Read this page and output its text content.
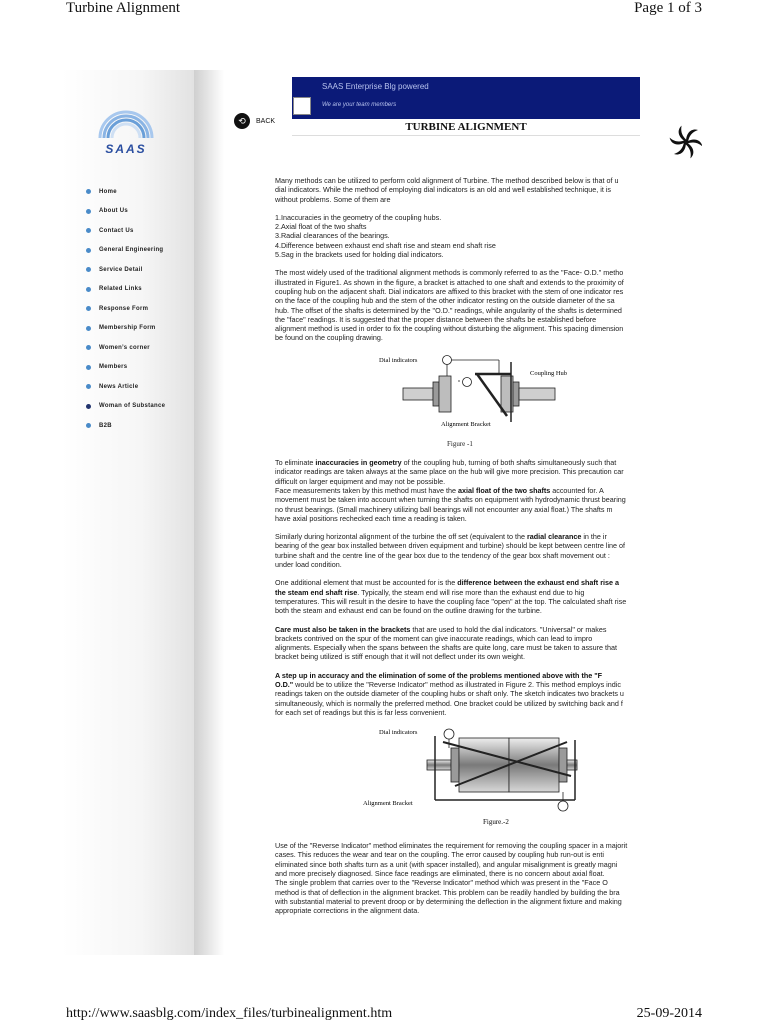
Turbine Alignment	Page 1 of 3
SAAS
Home
About Us
Contact Us
General Engineering
Service Detail
Related Links
Response Form
Membership Form
Women’s corner
Members
News Article
Woman of Substance
B2B
SAAS Enterprise Blg powered
We are your team members
⟲	BACK	TURBINE ALIGNMENT

Many methods can be utilized to perform cold alignment of Turbine. The method described below is that of u
dial indicators. While the method of employing dial indicators is an old and well established technique, it is
without problems. Some of them are

1.Inaccuracies in the geometry of the coupling hubs.
2.Axial float of the two shafts
3.Radial clearances of the bearings.
4.Difference between exhaust end shaft rise and steam end shaft rise
5.Sag in the brackets used for holding dial indicators.

The most widely used of the traditional alignment methods is commonly referred to as the "Face- O.D." metho
illustrated in Figure1. As shown in the figure, a bracket is attached to one shaft and extends to the proximity of
coupling hub on the adjacent shaft. Dial indicators are affixed to this bracket with the stem of one indicator res
on the face of the coupling hub and the stem of the other indicator resting on the outside diameter of the sa
hub. The offset of the shafts is determined by the "O.D." readings, while angularity of the shafts is determined
the "face" readings. It is suggested that the proper distance between the shafts be established before
alignment method is used in order to fix the coupling without disturbing the alignment. This spacing dimension
be found on the coupling drawing.

Dial indicators
Coupling Hub
Alignment Bracket

Figure -1

To eliminate inaccuracies in geometry of the coupling hub, turning of both shafts simultaneously such that
indicator readings are taken always at the same place on the hub will give more precision. This precaution car
difficult on larger equipment and may not be possible.
Face measurements taken by this method must have the axial float of the two shafts accounted for. A
movement must be taken into account when turning the shafts on equipment with hydrodynamic thrust bearing
no thrust bearings. (Small machinery utilizing ball bearings will not encounter any axial float.) The shafts m
have axial positions rechecked each time a reading is taken.

Similarly during horizontal alignment of the turbine the off set (equivalent to the radial clearance in the ir
bearing of the gear box installed between driven equipment and turbine) should be kept between centre line of
turbine shaft and the centre line of the gear box due to the tendency of the gear box shaft movement out :
under load condition.

One additional element that must be accounted for is the difference between the exhaust end shaft rise a
the steam end shaft rise. Typically, the steam end will rise more than the exhaust end due to hig
temperatures. This will result in the desire to have the coupling face "open" at the top. The calculated shaft rise
both the steam and exhaust end can be found on the outline drawing for the turbine.

Care must also be taken in the brackets that are used to hold the dial indicators. "Universal" or makes
brackets contrived on the spur of the moment can give inaccurate readings, which can lead to impro
alignments. Especially when the spans between the shafts are quite long, care must be taken to assure that
bracket being utilized is stiff enough that it will not deflect under its own weight.

A step up in accuracy and the elimination of some of the problems mentioned above with the "F
O.D." would be to utilize the "Reverse Indicator" method as illustrated in Figure 2. This method employs indic
readings taken on the outside diameter of the coupling hubs or shaft only. The sketch indicates two brackets u
simultaneously, which is normally the preferred method. One bracket could be utilized by switching back and f
for each set of readings but this is far less convenient.

Dial indicators
Alignment Bracket
Figure.-2

Use of the "Reverse Indicator" method eliminates the requirement for removing the coupling spacer in a majorit
cases. This reduces the wear and tear on the coupling. The error caused by coupling hub run-out is enti
eliminated since both shafts turn as a unit (with spacer installed), and angular misalignment is greatly magni
and more precisely diagnosed. Since face readings are eliminated, there is no concern about axial float.
The single problem that carries over to the "Reverse Indicator" method which was present in the "Face O
method is that of deflection in the alignment bracket. This problem can be readily handled by building the bra
with substantial material to prevent droop or by determining the deflection in the alignment fixture and making
appropriate corrections in the alignment data.

http://www.saasblg.com/index_files/turbinealignment.htm	25-09-2014
